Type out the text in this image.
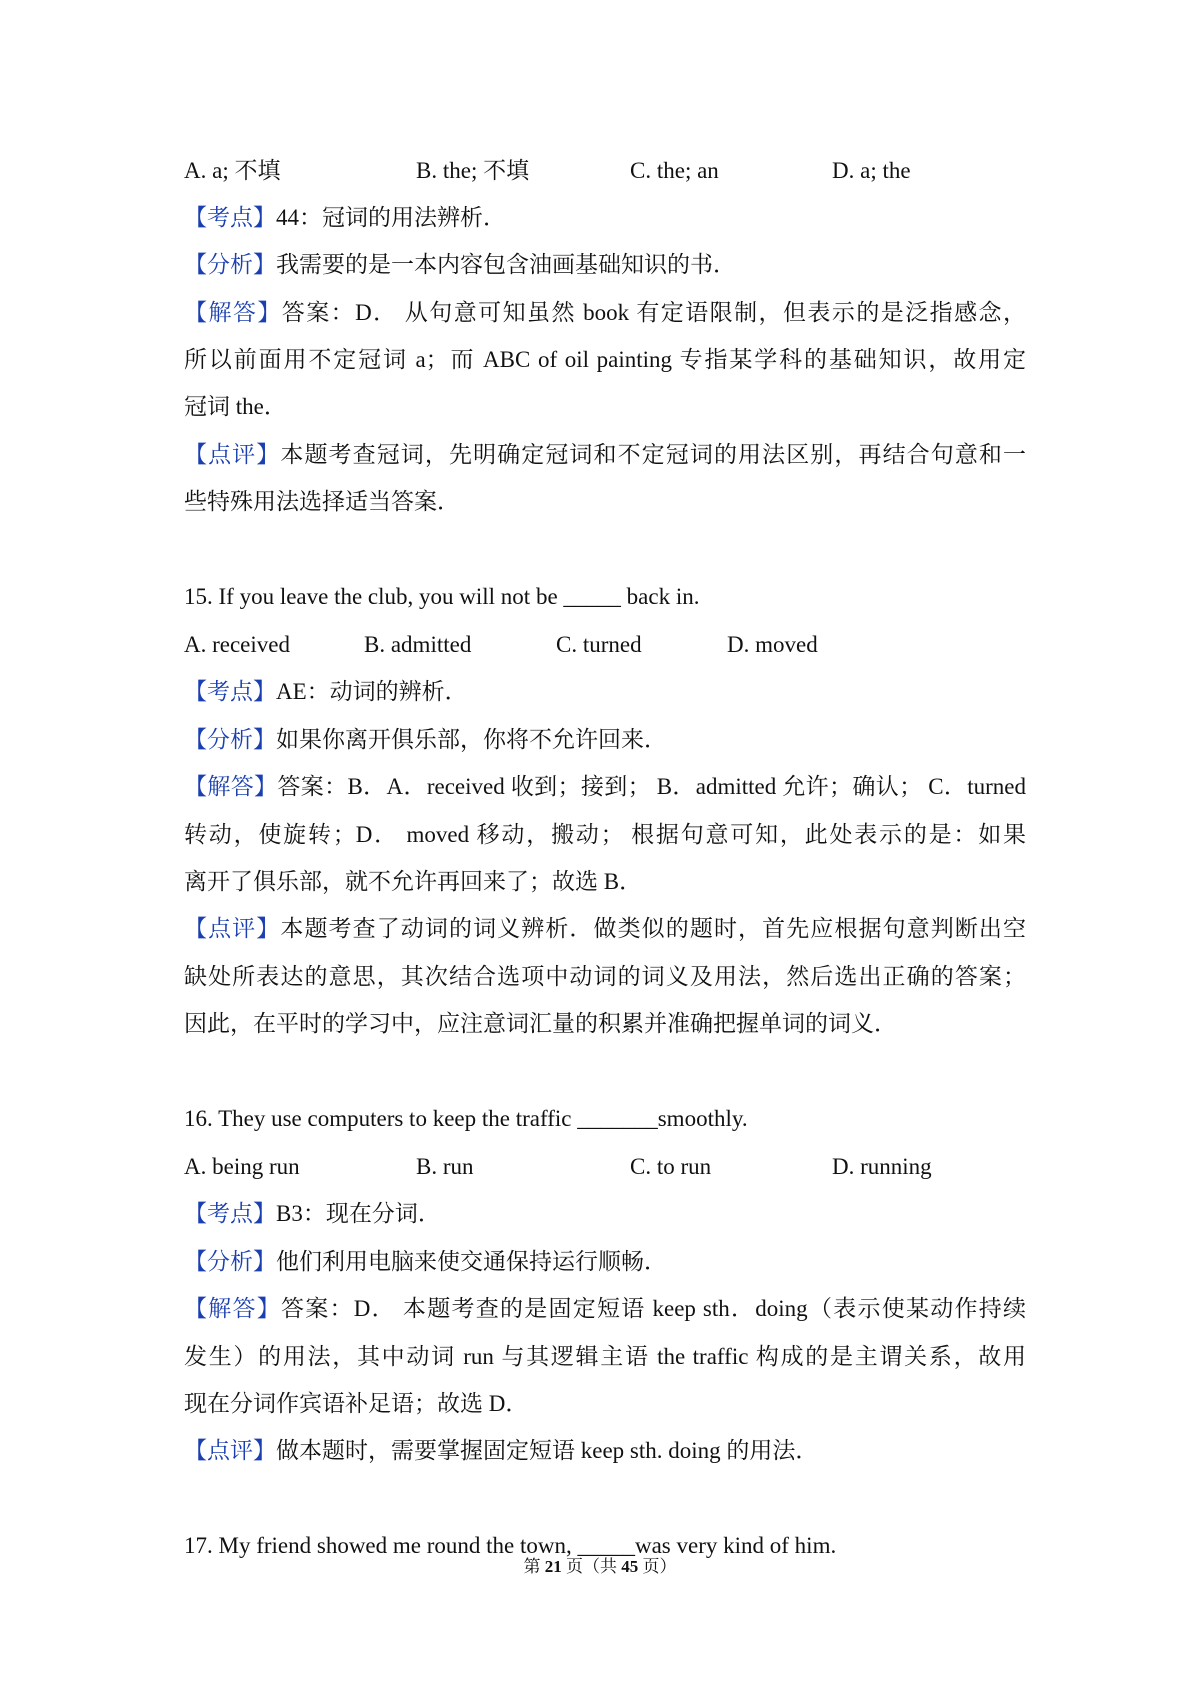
A. a; 不填	B. the; 不填	C. the; an	D. a; the
【考点】44：冠词的用法辨析．
【分析】我需要的是一本内容包含油画基础知识的书．
【解答】答案：D． 从句意可知虽然 book 有定语限制，但表示的是泛指感念，
所以前面用不定冠词 a；而 ABC of oil painting 专指某学科的基础知识，故用定
冠词 the．
【点评】本题考查冠词，先明确定冠词和不定冠词的用法区别，再结合句意和一
些特殊用法选择适当答案．
15. If you leave the club, you will not be _____ back in.
A. received	B. admitted	C. turned	D. moved
【考点】AE：动词的辨析．
【分析】如果你离开俱乐部，你将不允许回来．
【解答】答案：B．A．received 收到；接到； B．admitted 允许；确认； C．turned
转动，使旋转；D． moved 移动，搬动； 根据句意可知，此处表示的是：如果
离开了俱乐部，就不允许再回来了；故选 B．
【点评】本题考查了动词的词义辨析．做类似的题时，首先应根据句意判断出空
缺处所表达的意思，其次结合选项中动词的词义及用法，然后选出正确的答案；
因此，在平时的学习中，应注意词汇量的积累并准确把握单词的词义．
16. They use computers to keep the traffic _______smoothly.
A. being run	B. run	C. to run	D. running
【考点】B3：现在分词．
【分析】他们利用电脑来使交通保持运行顺畅．
【解答】答案：D． 本题考查的是固定短语 keep sth．doing（表示使某动作持续
发生）的用法，其中动词 run 与其逻辑主语 the traffic 构成的是主谓关系，故用
现在分词作宾语补足语；故选 D．
【点评】做本题时，需要掌握固定短语 keep sth. doing 的用法．
17. My friend showed me round the town, _____was very kind of him.
第 21 页（共 45 页）
